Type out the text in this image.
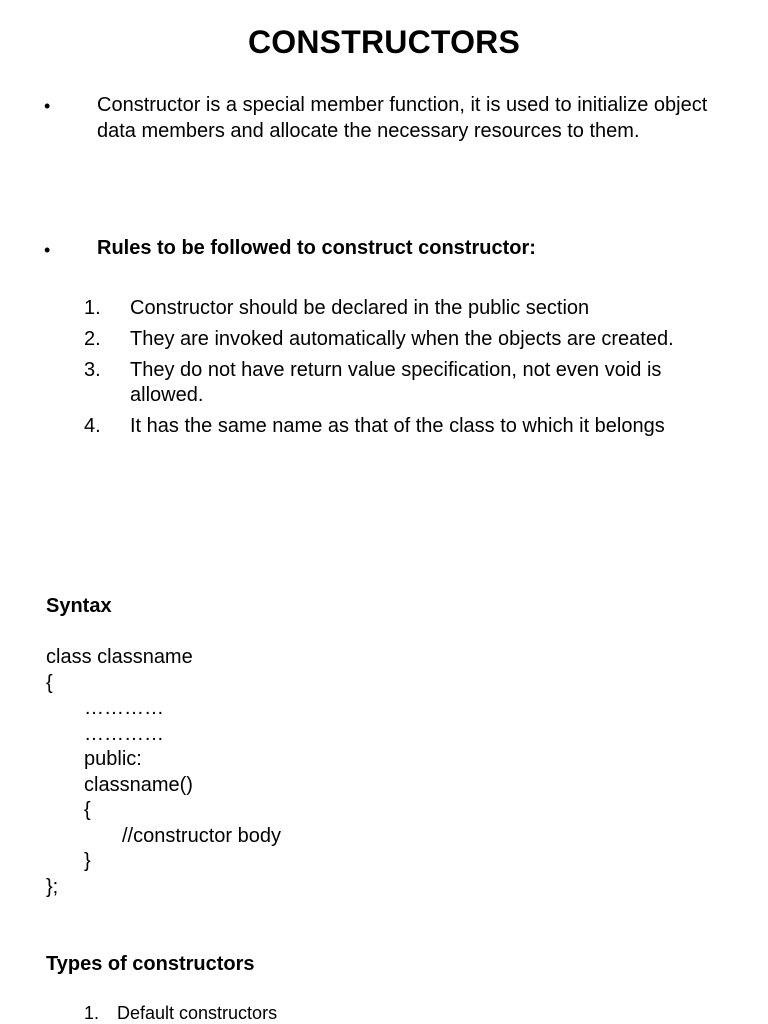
CONSTRUCTORS
• Constructor is a special member function, it is used to initialize object data members and allocate the necessary resources to them.
• Rules to be followed to construct constructor:
1.	Constructor should be declared in the public section
2.	They are invoked automatically when the objects are created.
3.	They do not have return value specification, not even void is allowed.
4.	It has the same name as that of the class to which it belongs
Syntax
class classname
{
…………
…………
public:
classname()
{
//constructor body
}
};
Types of constructors
1. Default constructors
